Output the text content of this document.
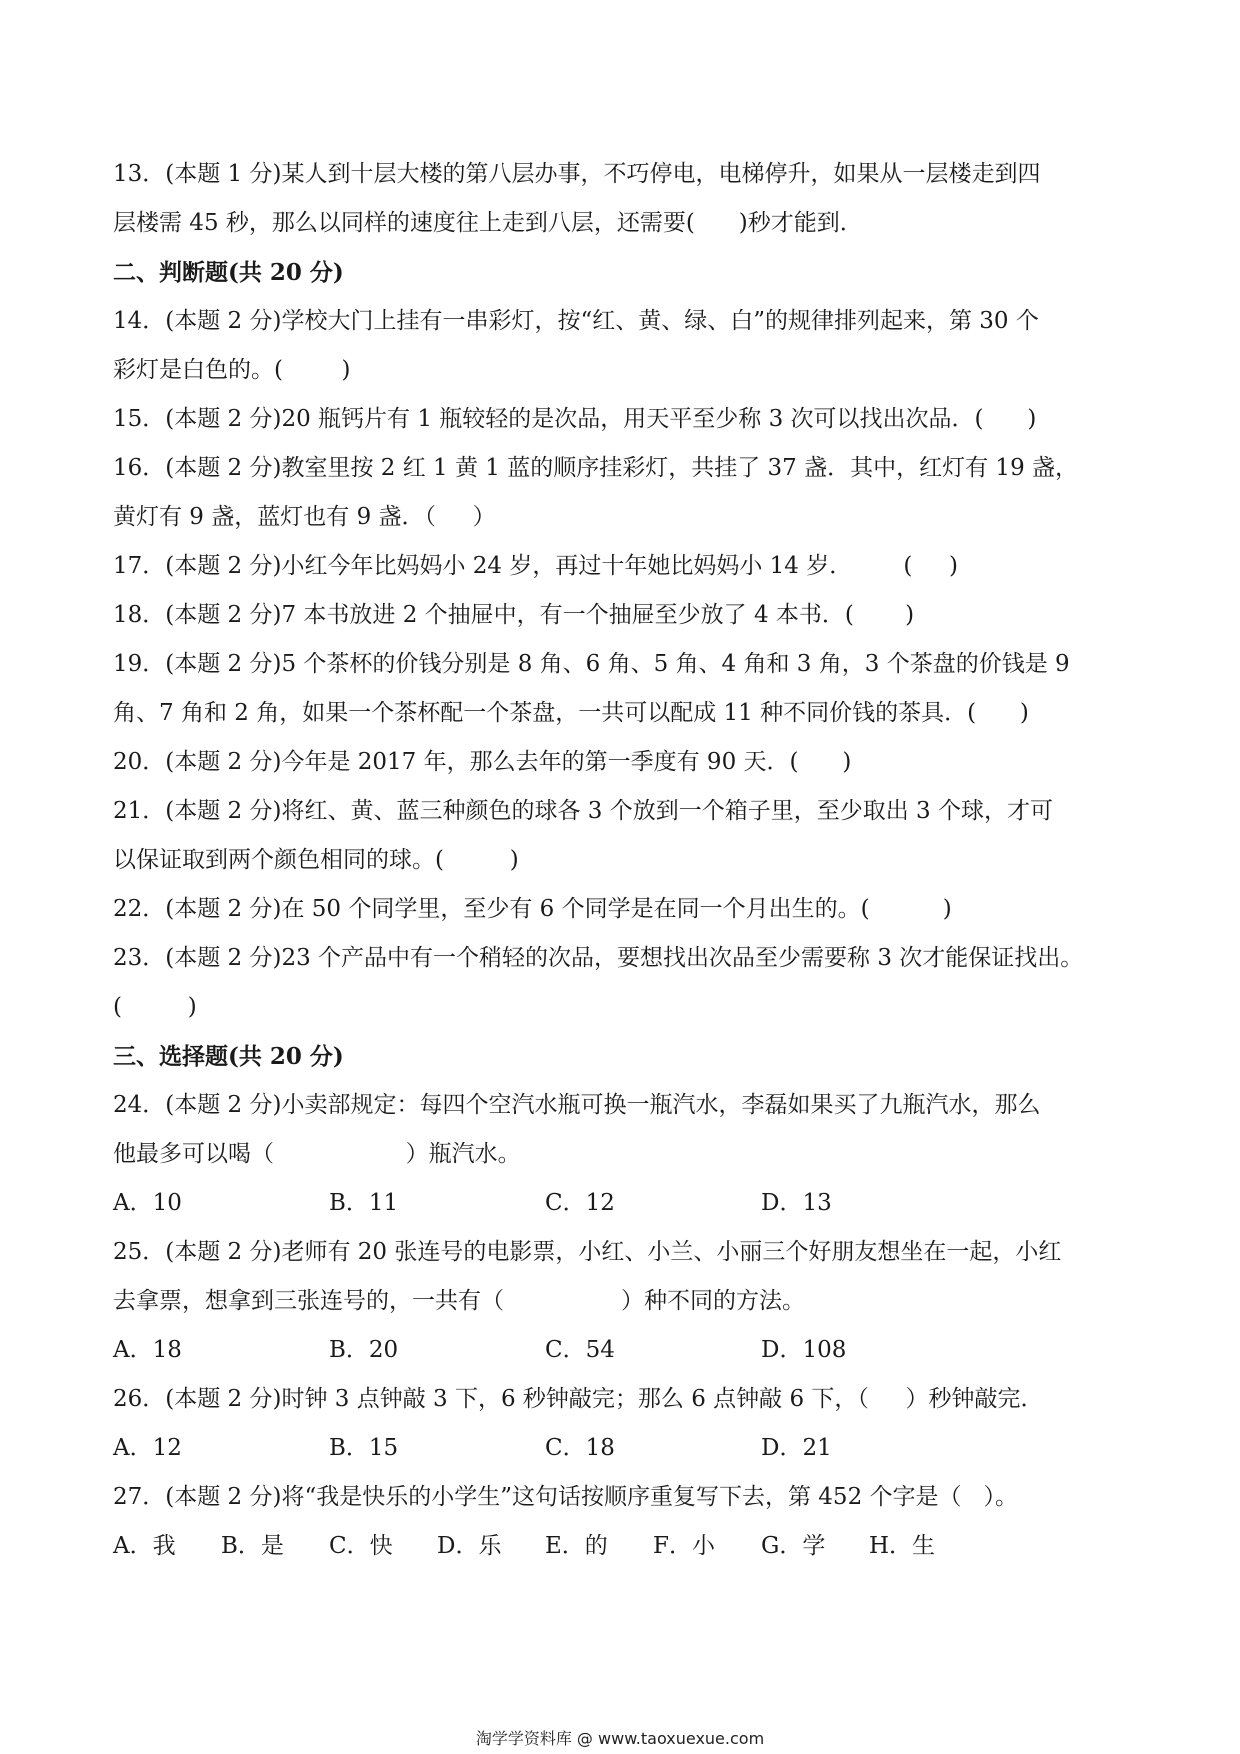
13．(本题 1 分)某人到十层大楼的第八层办事，不巧停电，电梯停升，如果从一层楼走到四
层楼需 45 秒，那么以同样的速度往上走到八层，还需要(      )秒才能到．
二、判断题(共 20 分)
14．(本题 2 分)学校大门上挂有一串彩灯，按“红、黄、绿、白”的规律排列起来，第 30 个
彩灯是白色的。(        )
15．(本题 2 分)20 瓶钙片有 1 瓶较轻的是次品，用天平至少称 3 次可以找出次品．(      )
16．(本题 2 分)教室里按 2 红 1 黄 1 蓝的顺序挂彩灯，共挂了 37 盏．其中，红灯有 19 盏，
黄灯有 9 盏，蓝灯也有 9 盏．（     ）
17．(本题 2 分)小红今年比妈妈小 24 岁，再过十年她比妈妈小 14 岁．       (     )
18．(本题 2 分)7 本书放进 2 个抽屉中，有一个抽屉至少放了 4 本书．(       )
19．(本题 2 分)5 个茶杯的价钱分别是 8 角、6 角、5 角、4 角和 3 角，3 个茶盘的价钱是 9
角、7 角和 2 角，如果一个茶杯配一个茶盘，一共可以配成 11 种不同价钱的茶具．(      )
20．(本题 2 分)今年是 2017 年，那么去年的第一季度有 90 天．(      )
21．(本题 2 分)将红、黄、蓝三种颜色的球各 3 个放到一个箱子里，至少取出 3 个球，才可
以保证取到两个颜色相同的球。(         )
22．(本题 2 分)在 50 个同学里，至少有 6 个同学是在同一个月出生的。(          )
23．(本题 2 分)23 个产品中有一个稍轻的次品，要想找出次品至少需要称 3 次才能保证找出。
(         )
三、选择题(共 20 分)
24．(本题 2 分)小卖部规定：每四个空汽水瓶可换一瓶汽水，李磊如果买了九瓶汽水，那么
他最多可以喝（                  ）瓶汽水。
A．10	B．11	C．12	D．13
25．(本题 2 分)老师有 20 张连号的电影票，小红、小兰、小丽三个好朋友想坐在一起，小红
去拿票，想拿到三张连号的，一共有（                ）种不同的方法。
A．18	B．20	C．54	D．108
26．(本题 2 分)时钟 3 点钟敲 3 下，6 秒钟敲完；那么 6 点钟敲 6 下，（     ）秒钟敲完．
A．12	B．15	C．18	D．21
27．(本题 2 分)将“我是快乐的小学生”这句话按顺序重复写下去，第 452 个字是（   ）。
A．我	B．是	C．快	D．乐	E．的	F．小	G．学	H．生
淘学学资料库 @ www.taoxuexue.com
